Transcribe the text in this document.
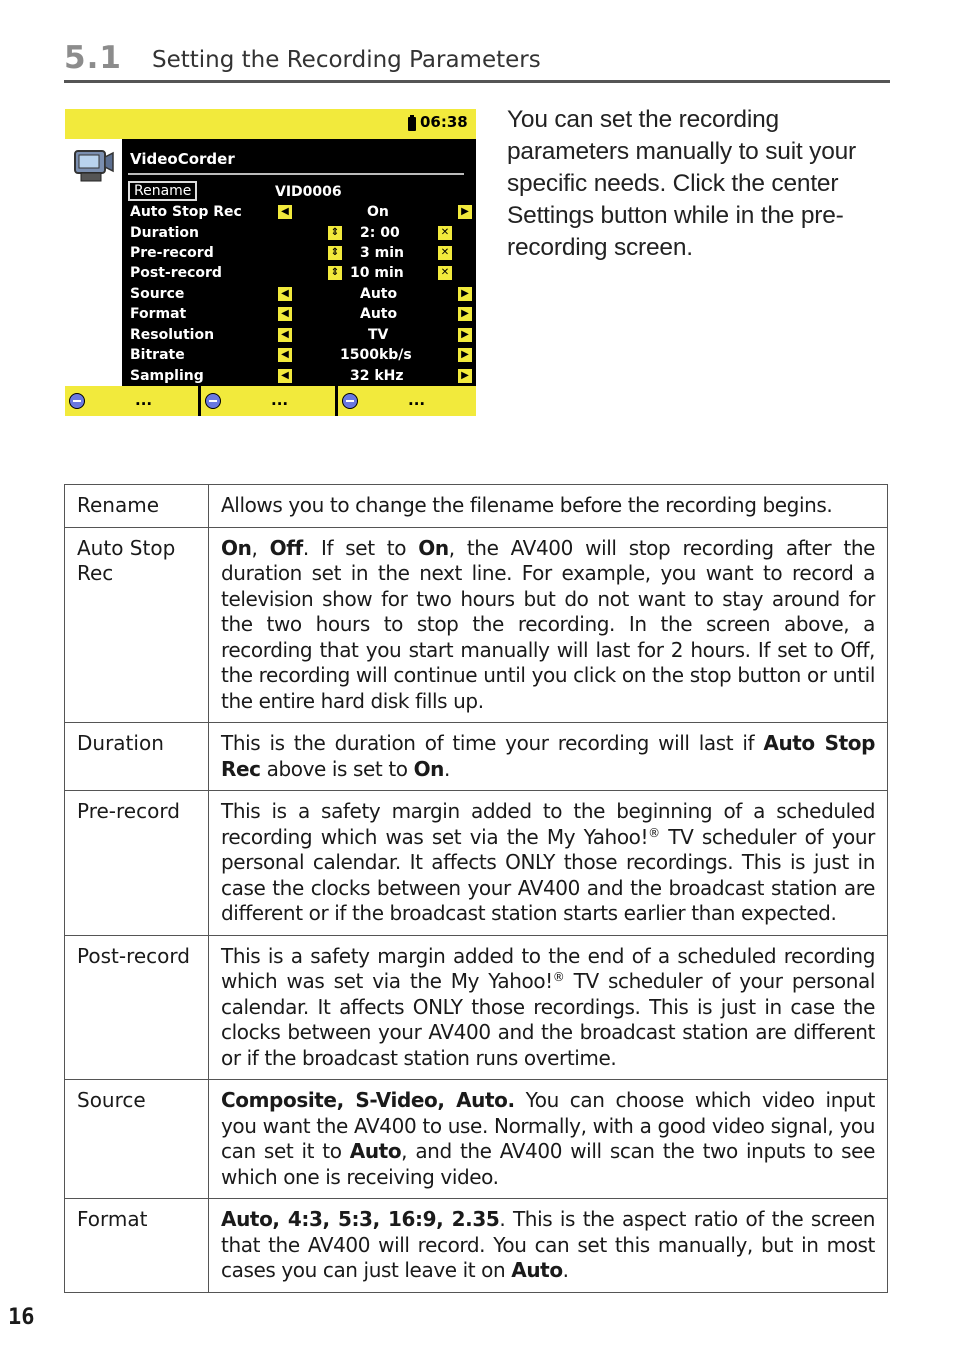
5.1 Setting the Recording Parameters
You can set the recording parameters manually to suit your specific needs. Click the center Settings button while in the pre-recording screen.
06:38
↓
VideoCorder
Rename	VID0006
Auto Stop Rec	◀	On	▶
Duration	⇕ 2: 00	✕
Pre-record	⇕ 3 min	✕
Post-record	⇕ 10 min	✕
Source	◀	Auto	▶
Format	◀	Auto	▶
Resolution	◀	TV	▶
Bitrate	◀	1500kb/s	▶
Sampling	◀	32 kHz	▶
...	...	...
Rename	Allows you to change the filename before the recording begins.
Auto Stop Rec	On, Off. If set to On, the AV400 will stop recording after the duration set in the next line. For example, you want to record a television show for two hours but do not want to stay around for the two hours to stop the recording. In the screen above, a recording that you start manually will last for 2 hours. If set to Off, the recording will continue until you click on the stop button or until the entire hard disk fills up.
Duration	This is the duration of time your recording will last if Auto Stop Rec above is set to On.
Pre-record	This is a safety margin added to the beginning of a scheduled recording which was set via the My Yahoo!® TV scheduler of your personal calendar. It affects ONLY those recordings. This is just in case the clocks between your AV400 and the broadcast station are different or if the broadcast station starts earlier than expected.
Post-record	This is a safety margin added to the end of a scheduled recording which was set via the My Yahoo!® TV scheduler of your personal calendar. It affects ONLY those recordings. This is just in case the clocks between your AV400 and the broadcast station are different or if the broadcast station runs overtime.
Source	Composite, S-Video, Auto. You can choose which video input you want the AV400 to use. Normally, with a good video signal, you can set it to Auto, and the AV400 will scan the two inputs to see which one is receiving video.
Format	Auto, 4:3, 5:3, 16:9, 2.35. This is the aspect ratio of the screen that the AV400 will record. You can set this manually, but in most cases you can just leave it on Auto.
16
